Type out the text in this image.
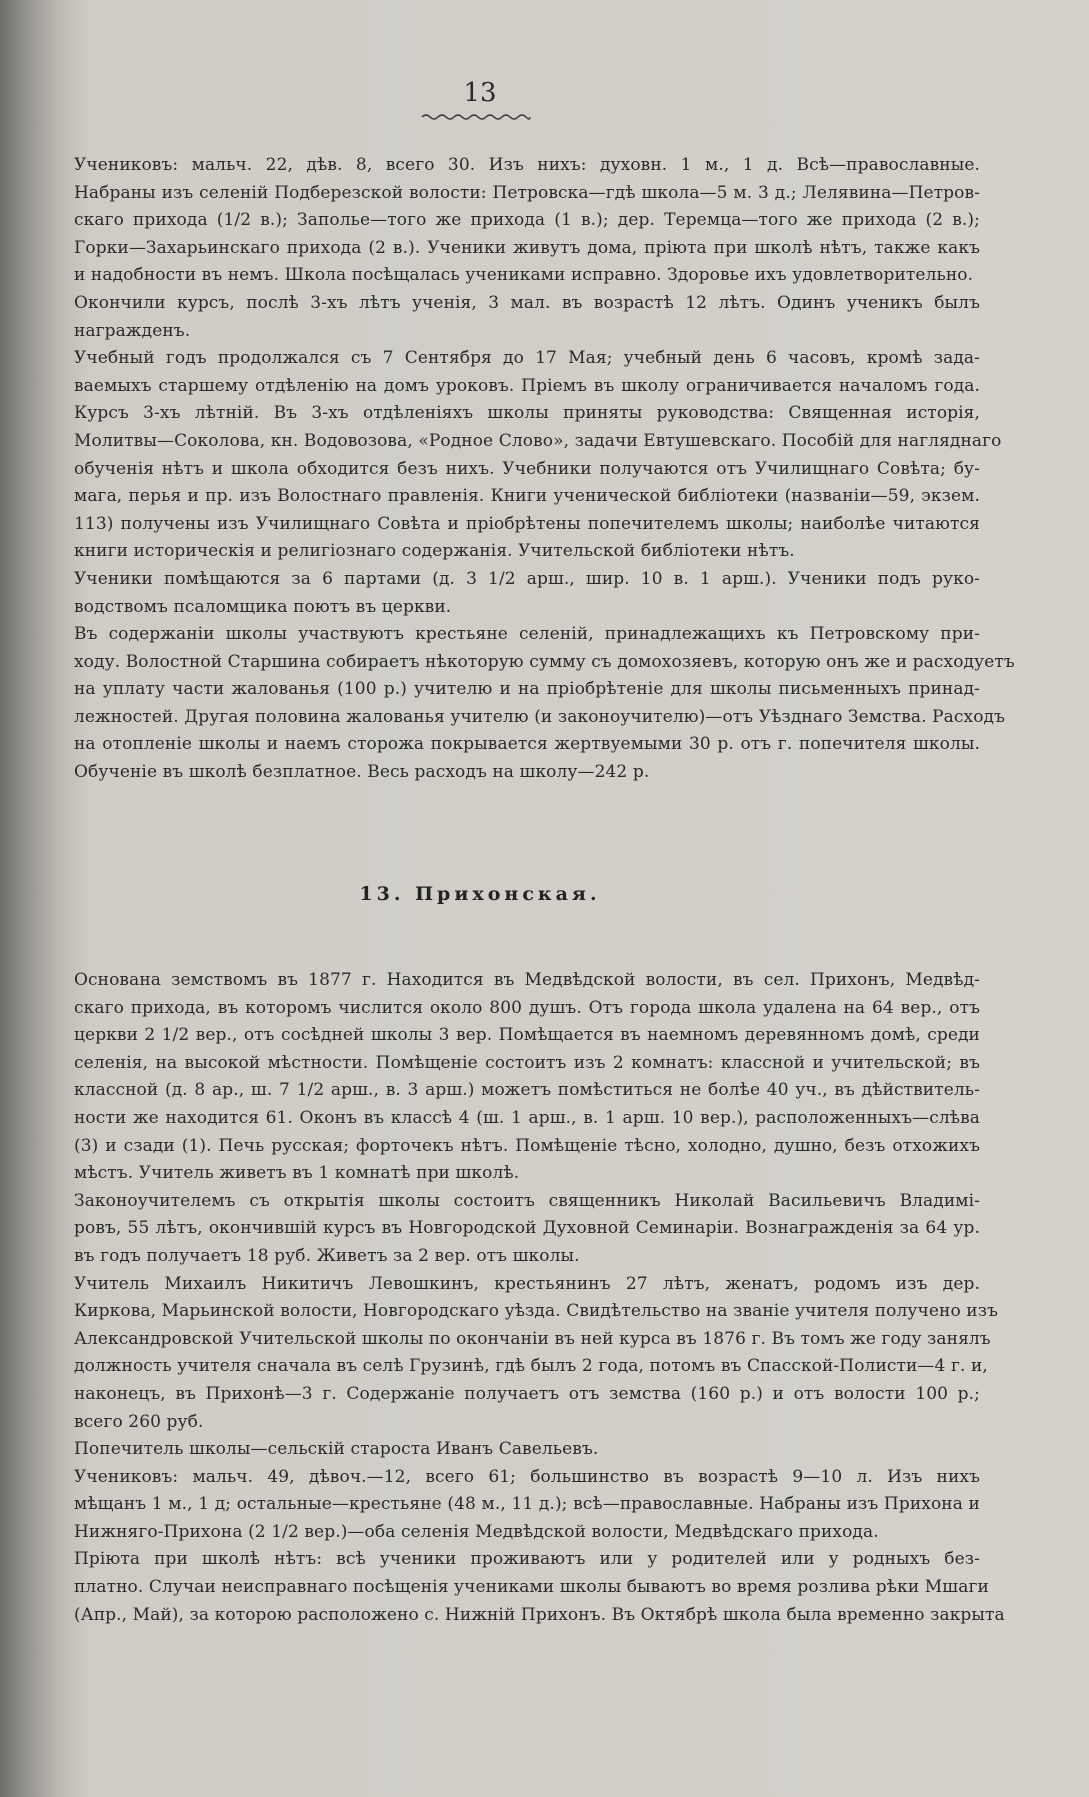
13

Учениковъ: мальч. 22, дѣв. 8, всего 30. Изъ нихъ: духовн. 1 м., 1 д. Всѣ—православные.
Набраны изъ селеній Подберезской волости: Петровска—гдѣ школа—5 м. 3 д.; Лелявина—Петров-
скаго прихода (1/2 в.); Заполье—того же прихода (1 в.); дер. Теремца—того же прихода (2 в.);
Горки—Захарьинскаго прихода (2 в.). Ученики живутъ дома, пріюта при школѣ нѣтъ, также какъ
и надобности въ немъ. Школа посѣщалась учениками исправно. Здоровье ихъ удовлетворительно.

Окончили курсъ, послѣ 3-хъ лѣтъ ученія, 3 мал. въ возрастѣ 12 лѣтъ. Одинъ ученикъ былъ
награжденъ.

Учебный годъ продолжался съ 7 Сентября до 17 Мая; учебный день 6 часовъ, кромѣ зада-
ваемыхъ старшему отдѣленію на домъ уроковъ. Пріемъ въ школу ограничивается началомъ года.
Курсъ 3-хъ лѣтній. Въ 3-хъ отдѣленіяхъ школы приняты руководства: Священная исторія,
Молитвы—Соколова, кн. Водовозова, «Родное Слово», задачи Евтушевскаго. Пособій для нагляднаго
обученія нѣтъ и школа обходится безъ нихъ. Учебники получаются отъ Училищнаго Совѣта; бу-
мага, перья и пр. изъ Волостнаго правленія. Книги ученической библіотеки (названіи—59, экзем.
113) получены изъ Училищнаго Совѣта и пріобрѣтены попечителемъ школы; наиболѣе читаются
книги историческія и религіознаго содержанія. Учительской библіотеки нѣтъ.

Ученики помѣщаются за 6 партами (д. 3 1/2 арш., шир. 10 в. 1 арш.). Ученики подъ руко-
водствомъ псаломщика поютъ въ церкви.

Въ содержаніи школы участвуютъ крестьяне селеній, принадлежащихъ къ Петровскому при-
ходу. Волостной Старшина собираетъ нѣкоторую сумму съ домохозяевъ, которую онъ же и расходуетъ
на уплату части жалованья (100 р.) учителю и на пріобрѣтеніе для школы письменныхъ принад-
лежностей. Другая половина жалованья учителю (и законоучителю)—отъ Уѣзднаго Земства. Расходъ
на отопленіе школы и наемъ сторожа покрывается жертвуемыми 30 р. отъ г. попечителя школы.
Обученіе въ школѣ безплатное. Весь расходъ на школу—242 р.

13. Прихонская.

Основана земствомъ въ 1877 г. Находится въ Медвѣдской волости, въ сел. Прихонъ, Медвѣд-
скаго прихода, въ которомъ числится около 800 душъ. Отъ города школа удалена на 64 вер., отъ
церкви 2 1/2 вер., отъ сосѣдней школы 3 вер. Помѣщается въ наемномъ деревянномъ домѣ, среди
селенія, на высокой мѣстности. Помѣщеніе состоитъ изъ 2 комнатъ: классной и учительской; въ
классной (д. 8 ар., ш. 7 1/2 арш., в. 3 арш.) можетъ помѣститься не болѣе 40 уч., въ дѣйствитель-
ности же находится 61. Оконъ въ классѣ 4 (ш. 1 арш., в. 1 арш. 10 вер.), расположенныхъ—слѣва
(3) и сзади (1). Печь русская; форточекъ нѣтъ. Помѣщеніе тѣсно, холодно, душно, безъ отхожихъ
мѣстъ. Учитель живетъ въ 1 комнатѣ при школѣ.

Законоучителемъ съ открытія школы состоитъ священникъ Николай Васильевичъ Владимі-
ровъ, 55 лѣтъ, окончившій курсъ въ Новгородской Духовной Семинаріи. Вознагражденія за 64 ур.
въ годъ получаетъ 18 руб. Живетъ за 2 вер. отъ школы.

Учитель Михаилъ Никитичъ Левошкинъ, крестьянинъ 27 лѣтъ, женатъ, родомъ изъ дер.
Киркова, Марьинской волости, Новгородскаго уѣзда. Свидѣтельство на званіе учителя получено изъ
Александровской Учительской школы по окончаніи въ ней курса въ 1876 г. Въ томъ же году занялъ
должность учителя сначала въ селѣ Грузинѣ, гдѣ былъ 2 года, потомъ въ Спасской-Полисти—4 г. и,
наконецъ, въ Прихонѣ—3 г. Содержаніе получаетъ отъ земства (160 р.) и отъ волости 100 р.;
всего 260 руб.

Попечитель школы—сельскій староста Иванъ Савельевъ.

Учениковъ: мальч. 49, дѣвоч.—12, всего 61; большинство въ возрастѣ 9—10 л. Изъ нихъ
мѣщанъ 1 м., 1 д; остальные—крестьяне (48 м., 11 д.); всѣ—православные. Набраны изъ Прихона и
Нижняго-Прихона (2 1/2 вер.)—оба селенія Медвѣдской волости, Медвѣдскаго прихода.

Пріюта при школѣ нѣтъ: всѣ ученики проживаютъ или у родителей или у родныхъ без-
платно. Случаи неисправнаго посѣщенія учениками школы бываютъ во время розлива рѣки Мшаги
(Апр., Май), за которою расположено с. Нижній Прихонъ. Въ Октябрѣ школа была временно закрыта
